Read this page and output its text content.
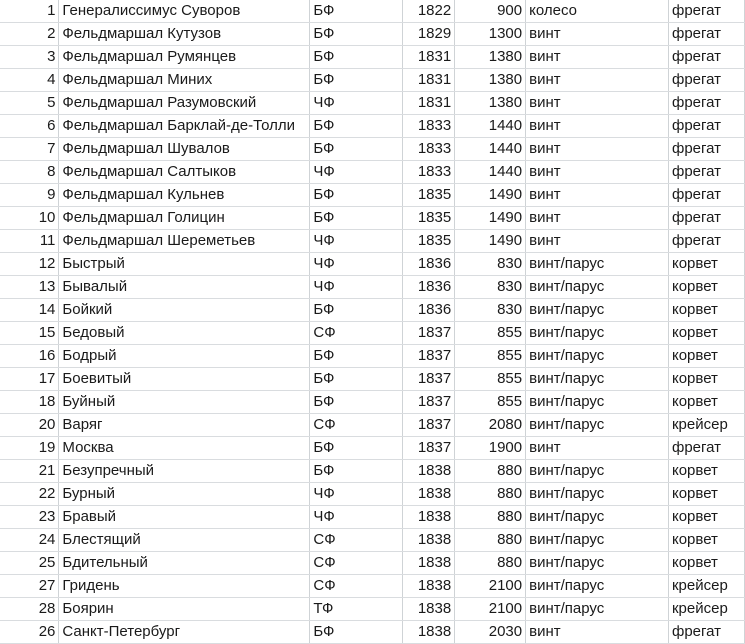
1	Генералиссимус Суворов	БФ	1822	900	колесо	фрегат
2	Фельдмаршал Кутузов	БФ	1829	1300	винт	фрегат
3	Фельдмаршал Румянцев	БФ	1831	1380	винт	фрегат
4	Фельдмаршал Миних	БФ	1831	1380	винт	фрегат
5	Фельдмаршал Разумовский	ЧФ	1831	1380	винт	фрегат
6	Фельдмаршал Барклай-де-Толли	БФ	1833	1440	винт	фрегат
7	Фельдмаршал Шувалов	БФ	1833	1440	винт	фрегат
8	Фельдмаршал Салтыков	ЧФ	1833	1440	винт	фрегат
9	Фельдмаршал Кульнев	БФ	1835	1490	винт	фрегат
10	Фельдмаршал Голицин	БФ	1835	1490	винт	фрегат
11	Фельдмаршал Шереметьев	ЧФ	1835	1490	винт	фрегат
12	Быстрый	ЧФ	1836	830	винт/парус	корвет
13	Бывалый	ЧФ	1836	830	винт/парус	корвет
14	Бойкий	БФ	1836	830	винт/парус	корвет
15	Бедовый	СФ	1837	855	винт/парус	корвет
16	Бодрый	БФ	1837	855	винт/парус	корвет
17	Боевитый	БФ	1837	855	винт/парус	корвет
18	Буйный	БФ	1837	855	винт/парус	корвет
20	Варяг	СФ	1837	2080	винт/парус	крейсер
19	Москва	БФ	1837	1900	винт	фрегат
21	Безупречный	БФ	1838	880	винт/парус	корвет
22	Бурный	ЧФ	1838	880	винт/парус	корвет
23	Бравый	ЧФ	1838	880	винт/парус	корвет
24	Блестящий	СФ	1838	880	винт/парус	корвет
25	Бдительный	СФ	1838	880	винт/парус	корвет
27	Гридень	СФ	1838	2100	винт/парус	крейсер
28	Боярин	ТФ	1838	2100	винт/парус	крейсер
26	Санкт-Петербург	БФ	1838	2030	винт	фрегат
